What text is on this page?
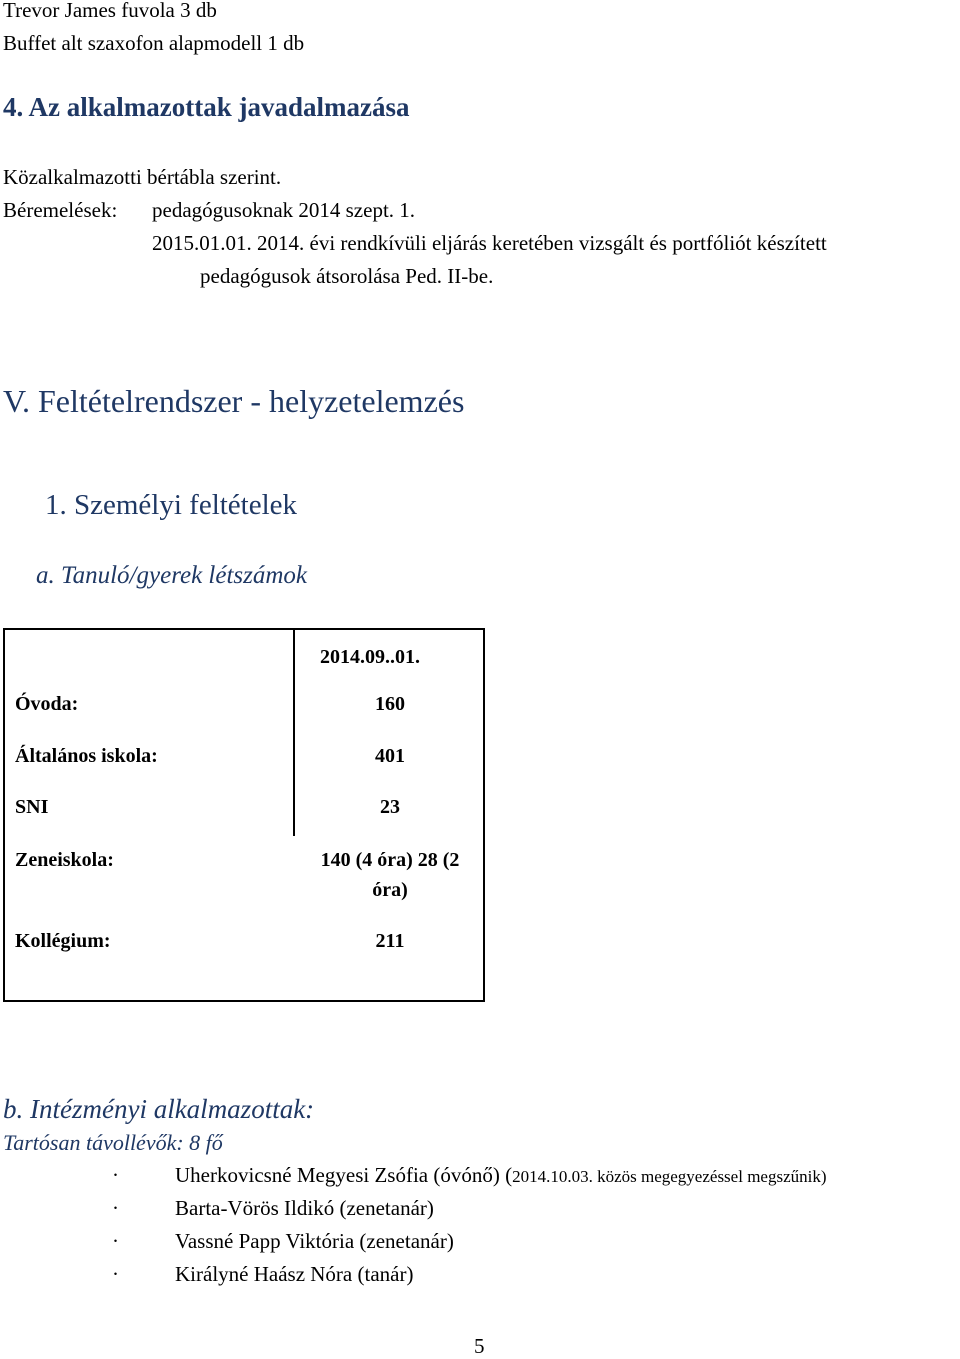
Trevor James fuvola 3 db
Buffet alt szaxofon alapmodell 1 db
4. Az alkalmazottak javadalmazása
Közalkalmazotti bértábla szerint.
Béremelések: pedagógusoknak 2014 szept. 1.
2015.01.01. 2014. évi rendkívüli eljárás keretében vizsgált és portfóliót készített
pedagógusok átsorolása Ped. II-be.
V. Feltételrendszer - helyzetelemzés
1. Személyi feltételek
a. Tanuló/gyerek létszámok
2014.09..01.
Óvoda:	160
Általános iskola:	401
SNI	23
Zeneiskola:	140 (4 óra) 28 (2
óra)
Kollégium:	211
b. Intézményi alkalmazottak:
Tartósan távollévők: 8 fő
·	Uherkovicsné Megyesi Zsófia (óvónő) (2014.10.03. közös megegyezéssel megszűnik)
·	Barta-Vörös Ildikó (zenetanár)
·	Vassné Papp Viktória (zenetanár)
·	Királyné Haász Nóra (tanár)
5
